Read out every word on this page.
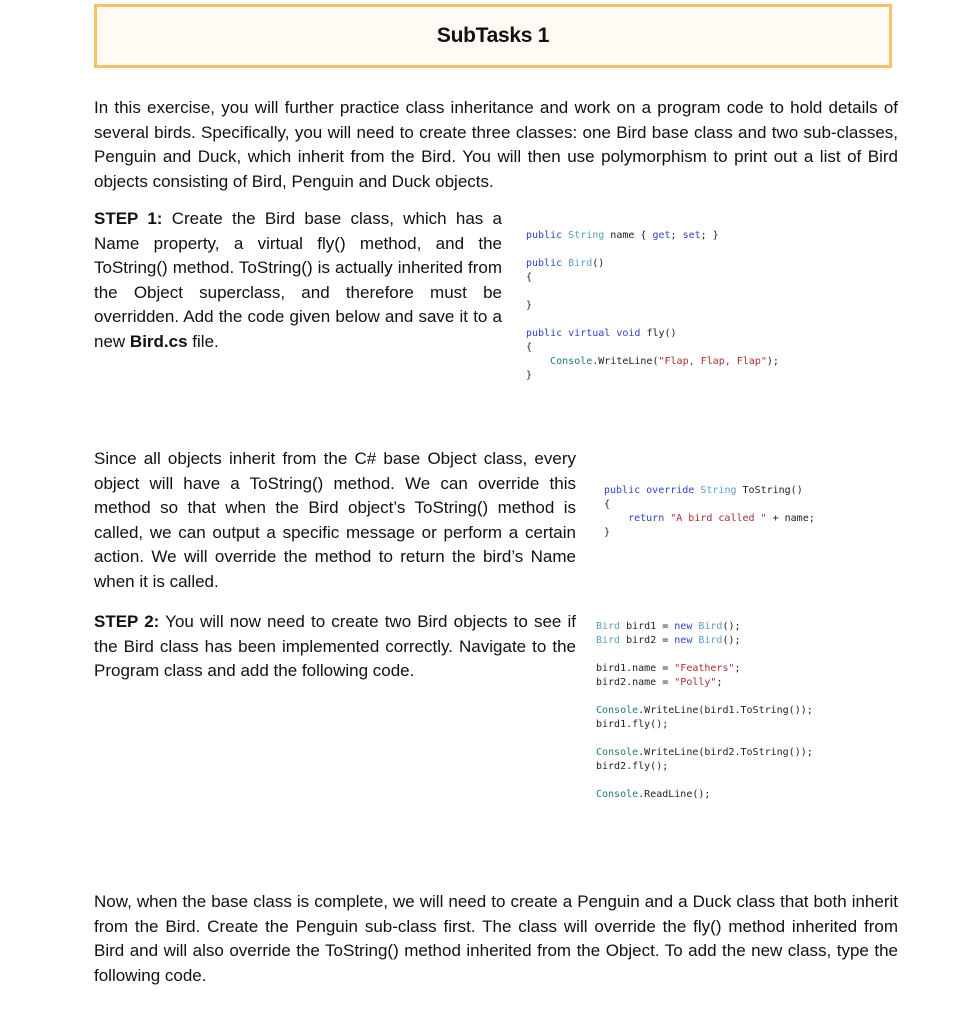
SubTasks 1

In this exercise, you will further practice class inheritance and work on a program code to hold details of several birds. Specifically, you will need to create three classes: one Bird base class and two sub-classes, Penguin and Duck, which inherit from the Bird. You will then use polymorphism to print out a list of Bird objects consisting of Bird, Penguin and Duck objects.

STEP 1: Create the Bird base class, which has a Name property, a virtual fly() method, and the ToString() method. ToString() is actually inherited from the Object superclass, and therefore must be overridden. Add the code given below and save it to a new Bird.cs file.

public String name { get; set; }

public Bird()
{

}

public virtual void fly()
{
Console.WriteLine("Flap, Flap, Flap");
}

Since all objects inherit from the C# base Object class, every object will have a ToString() method. We can override this method so that when the Bird object’s ToString() method is called, we can output a specific message or perform a certain action. We will override the method to return the bird’s Name when it is called.

public override String ToString()
{
return "A bird called " + name;
}

STEP 2: You will now need to create two Bird objects to see if the Bird class has been implemented correctly. Navigate to the Program class and add the following code.

Bird bird1 = new Bird();
Bird bird2 = new Bird();

bird1.name = "Feathers";
bird2.name = "Polly";

Console.WriteLine(bird1.ToString());
bird1.fly();

Console.WriteLine(bird2.ToString());
bird2.fly();

Console.ReadLine();

Now, when the base class is complete, we will need to create a Penguin and a Duck class that both inherit from the Bird. Create the Penguin sub-class first. The class will override the fly() method inherited from Bird and will also override the ToString() method inherited from the Object. To add the new class, type the following code.
